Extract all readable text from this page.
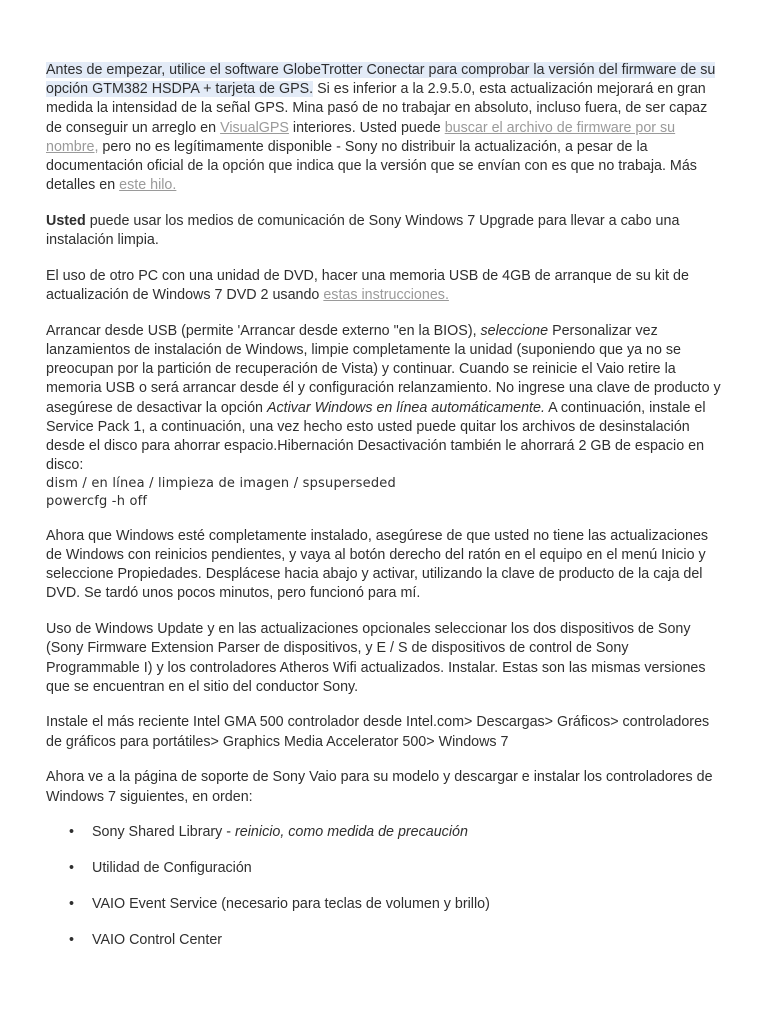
Antes de empezar, utilice el software GlobeTrotter Conectar para comprobar la versión del firmware de su opción GTM382 HSDPA + tarjeta de GPS. Si es inferior a la 2.9.5.0, esta actualización mejorará en gran medida la intensidad de la señal GPS. Mina pasó de no trabajar en absoluto, incluso fuera, de ser capaz de conseguir un arreglo en VisualGPS interiores. Usted puede buscar el archivo de firmware por su nombre, pero no es legítimamente disponible - Sony no distribuir la actualización, a pesar de la documentación oficial de la opción que indica que la versión que se envían con es que no trabaja. Más detalles en este hilo.

Usted puede usar los medios de comunicación de Sony Windows 7 Upgrade para llevar a cabo una instalación limpia.

El uso de otro PC con una unidad de DVD, hacer una memoria USB de 4GB de arranque de su kit de actualización de Windows 7 DVD 2 usando estas instrucciones.

Arrancar desde USB (permite 'Arrancar desde externo "en la BIOS), seleccione Personalizar vez lanzamientos de instalación de Windows, limpie completamente la unidad (suponiendo que ya no se preocupan por la partición de recuperación de Vista) y continuar. Cuando se reinicie el Vaio retire la memoria USB o será arrancar desde él y configuración relanzamiento. No ingrese una clave de producto y asegúrese de desactivar la opción Activar Windows en línea automáticamente. A continuación, instale el Service Pack 1, a continuación, una vez hecho esto usted puede quitar los archivos de desinstalación desde el disco para ahorrar espacio.Hibernación Desactivación también le ahorrará 2 GB de espacio en disco:
dism / en línea / limpieza de imagen / spsuperseded
powercfg -h off

Ahora que Windows esté completamente instalado, asegúrese de que usted no tiene las actualizaciones de Windows con reinicios pendientes, y vaya al botón derecho del ratón en el equipo en el menú Inicio y seleccione Propiedades. Desplácese hacia abajo y activar, utilizando la clave de producto de la caja del DVD. Se tardó unos pocos minutos, pero funcionó para mí.

Uso de Windows Update y en las actualizaciones opcionales seleccionar los dos dispositivos de Sony (Sony Firmware Extension Parser de dispositivos, y E / S de dispositivos de control de Sony Programmable I) y los controladores Atheros Wifi actualizados. Instalar. Estas son las mismas versiones que se encuentran en el sitio del conductor Sony.

Instale el más reciente Intel GMA 500 controlador desde Intel.com> Descargas> Gráficos> controladores de gráficos para portátiles> Graphics Media Accelerator 500> Windows 7

Ahora ve a la página de soporte de Sony Vaio para su modelo y descargar e instalar los controladores de Windows 7 siguientes, en orden:

• Sony Shared Library - reinicio, como medida de precaución
• Utilidad de Configuración
• VAIO Event Service (necesario para teclas de volumen y brillo)
• VAIO Control Center
